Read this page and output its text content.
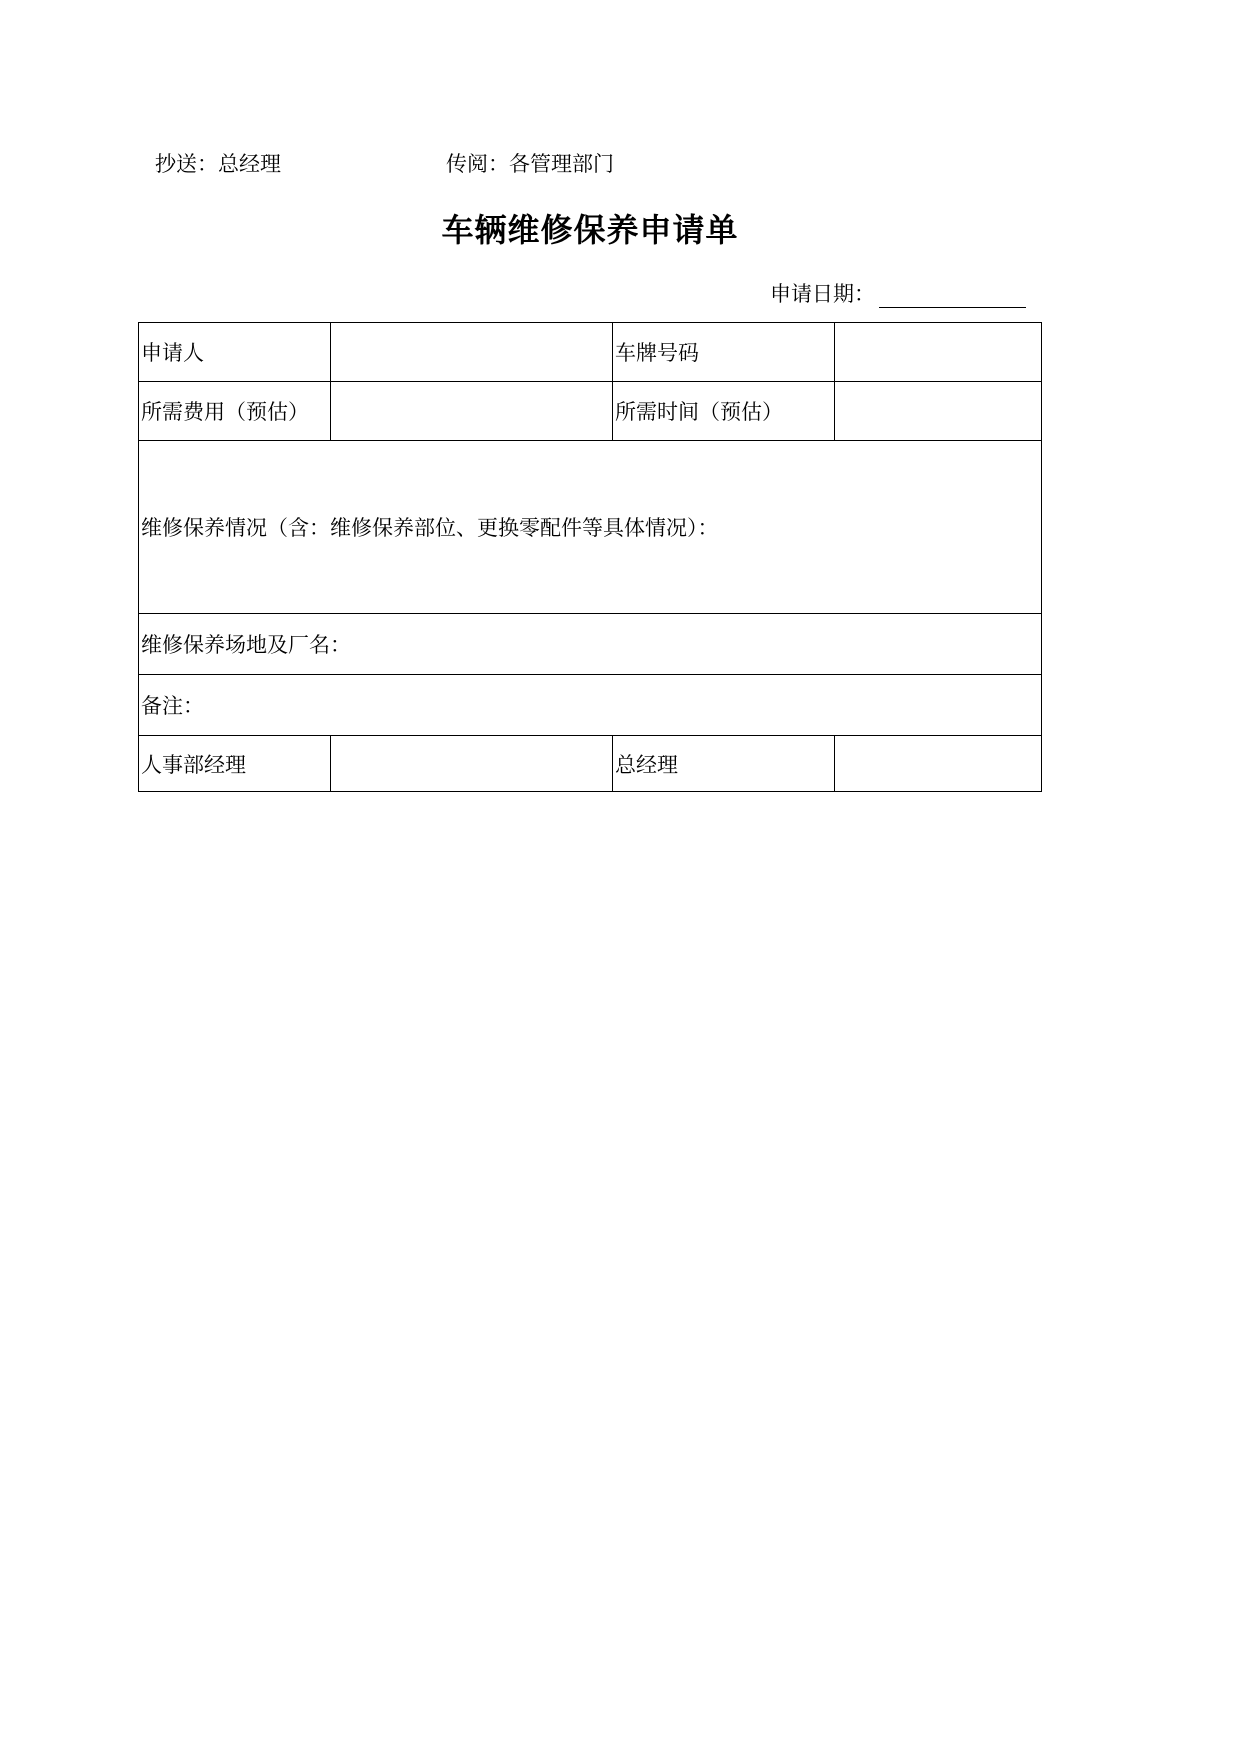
抄送：总经理	传阅：各管理部门
车辆维修保养申请单
申请日期：
申请人		车牌号码	
所需费用（预估）		所需时间（预估）	
维修保养情况（含：维修保养部位、更换零配件等具体情况）：			
维修保养场地及厂名：			
备注：			
人事部经理		总经理	
